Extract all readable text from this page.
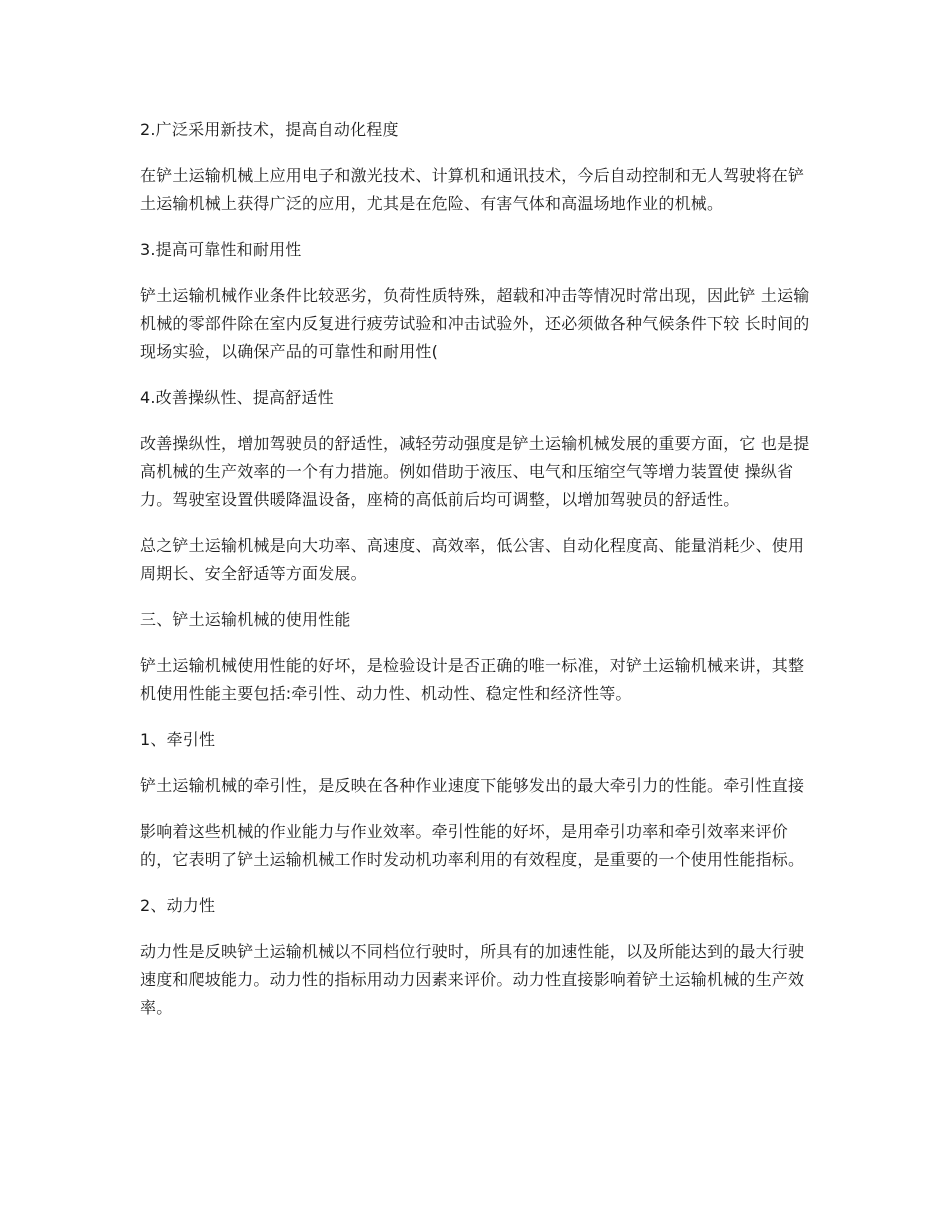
2.广泛采用新技术，提高自动化程度

在铲土运输机械上应用电子和激光技术、计算机和通讯技术，今后自动控制和无人驾驶将在铲土运输机械上获得广泛的应用，尤其是在危险、有害气体和高温场地作业的机械。

3.提高可靠性和耐用性

铲土运输机械作业条件比较恶劣，负荷性质特殊，超载和冲击等情况时常出现，因此铲 土运输机械的零部件除在室内反复进行疲劳试验和冲击试验外，还必须做各种气候条件下较 长时间的现场实验，以确保产品的可靠性和耐用性(

4.改善操纵性、提高舒适性

改善操纵性，增加驾驶员的舒适性，减轻劳动强度是铲土运输机械发展的重要方面，它 也是提高机械的生产效率的一个有力措施。例如借助于液压、电气和压缩空气等增力装置使 操纵省力。驾驶室设置供暖降温设备，座椅的高低前后均可调整，以增加驾驶员的舒适性。

总之铲土运输机械是向大功率、高速度、高效率，低公害、自动化程度高、能量消耗少、使用周期长、安全舒适等方面发展。

三、铲土运输机械的使用性能

铲土运输机械使用性能的好坏，是检验设计是否正确的唯一标准，对铲土运输机械来讲，其整机使用性能主要包括:牵引性、动力性、机动性、稳定性和经济性等。

1、牵引性

铲土运输机械的牵引性，是反映在各种作业速度下能够发出的最大牵引力的性能。牵引性直接

影响着这些机械的作业能力与作业效率。牵引性能的好坏，是用牵引功率和牵引效率来评价的，它表明了铲土运输机械工作时发动机功率利用的有效程度，是重要的一个使用性能指标。

2、动力性

动力性是反映铲土运输机械以不同档位行驶时，所具有的加速性能，以及所能达到的最大行驶速度和爬坡能力。动力性的指标用动力因素来评价。动力性直接影响着铲土运输机械的生产效率。
